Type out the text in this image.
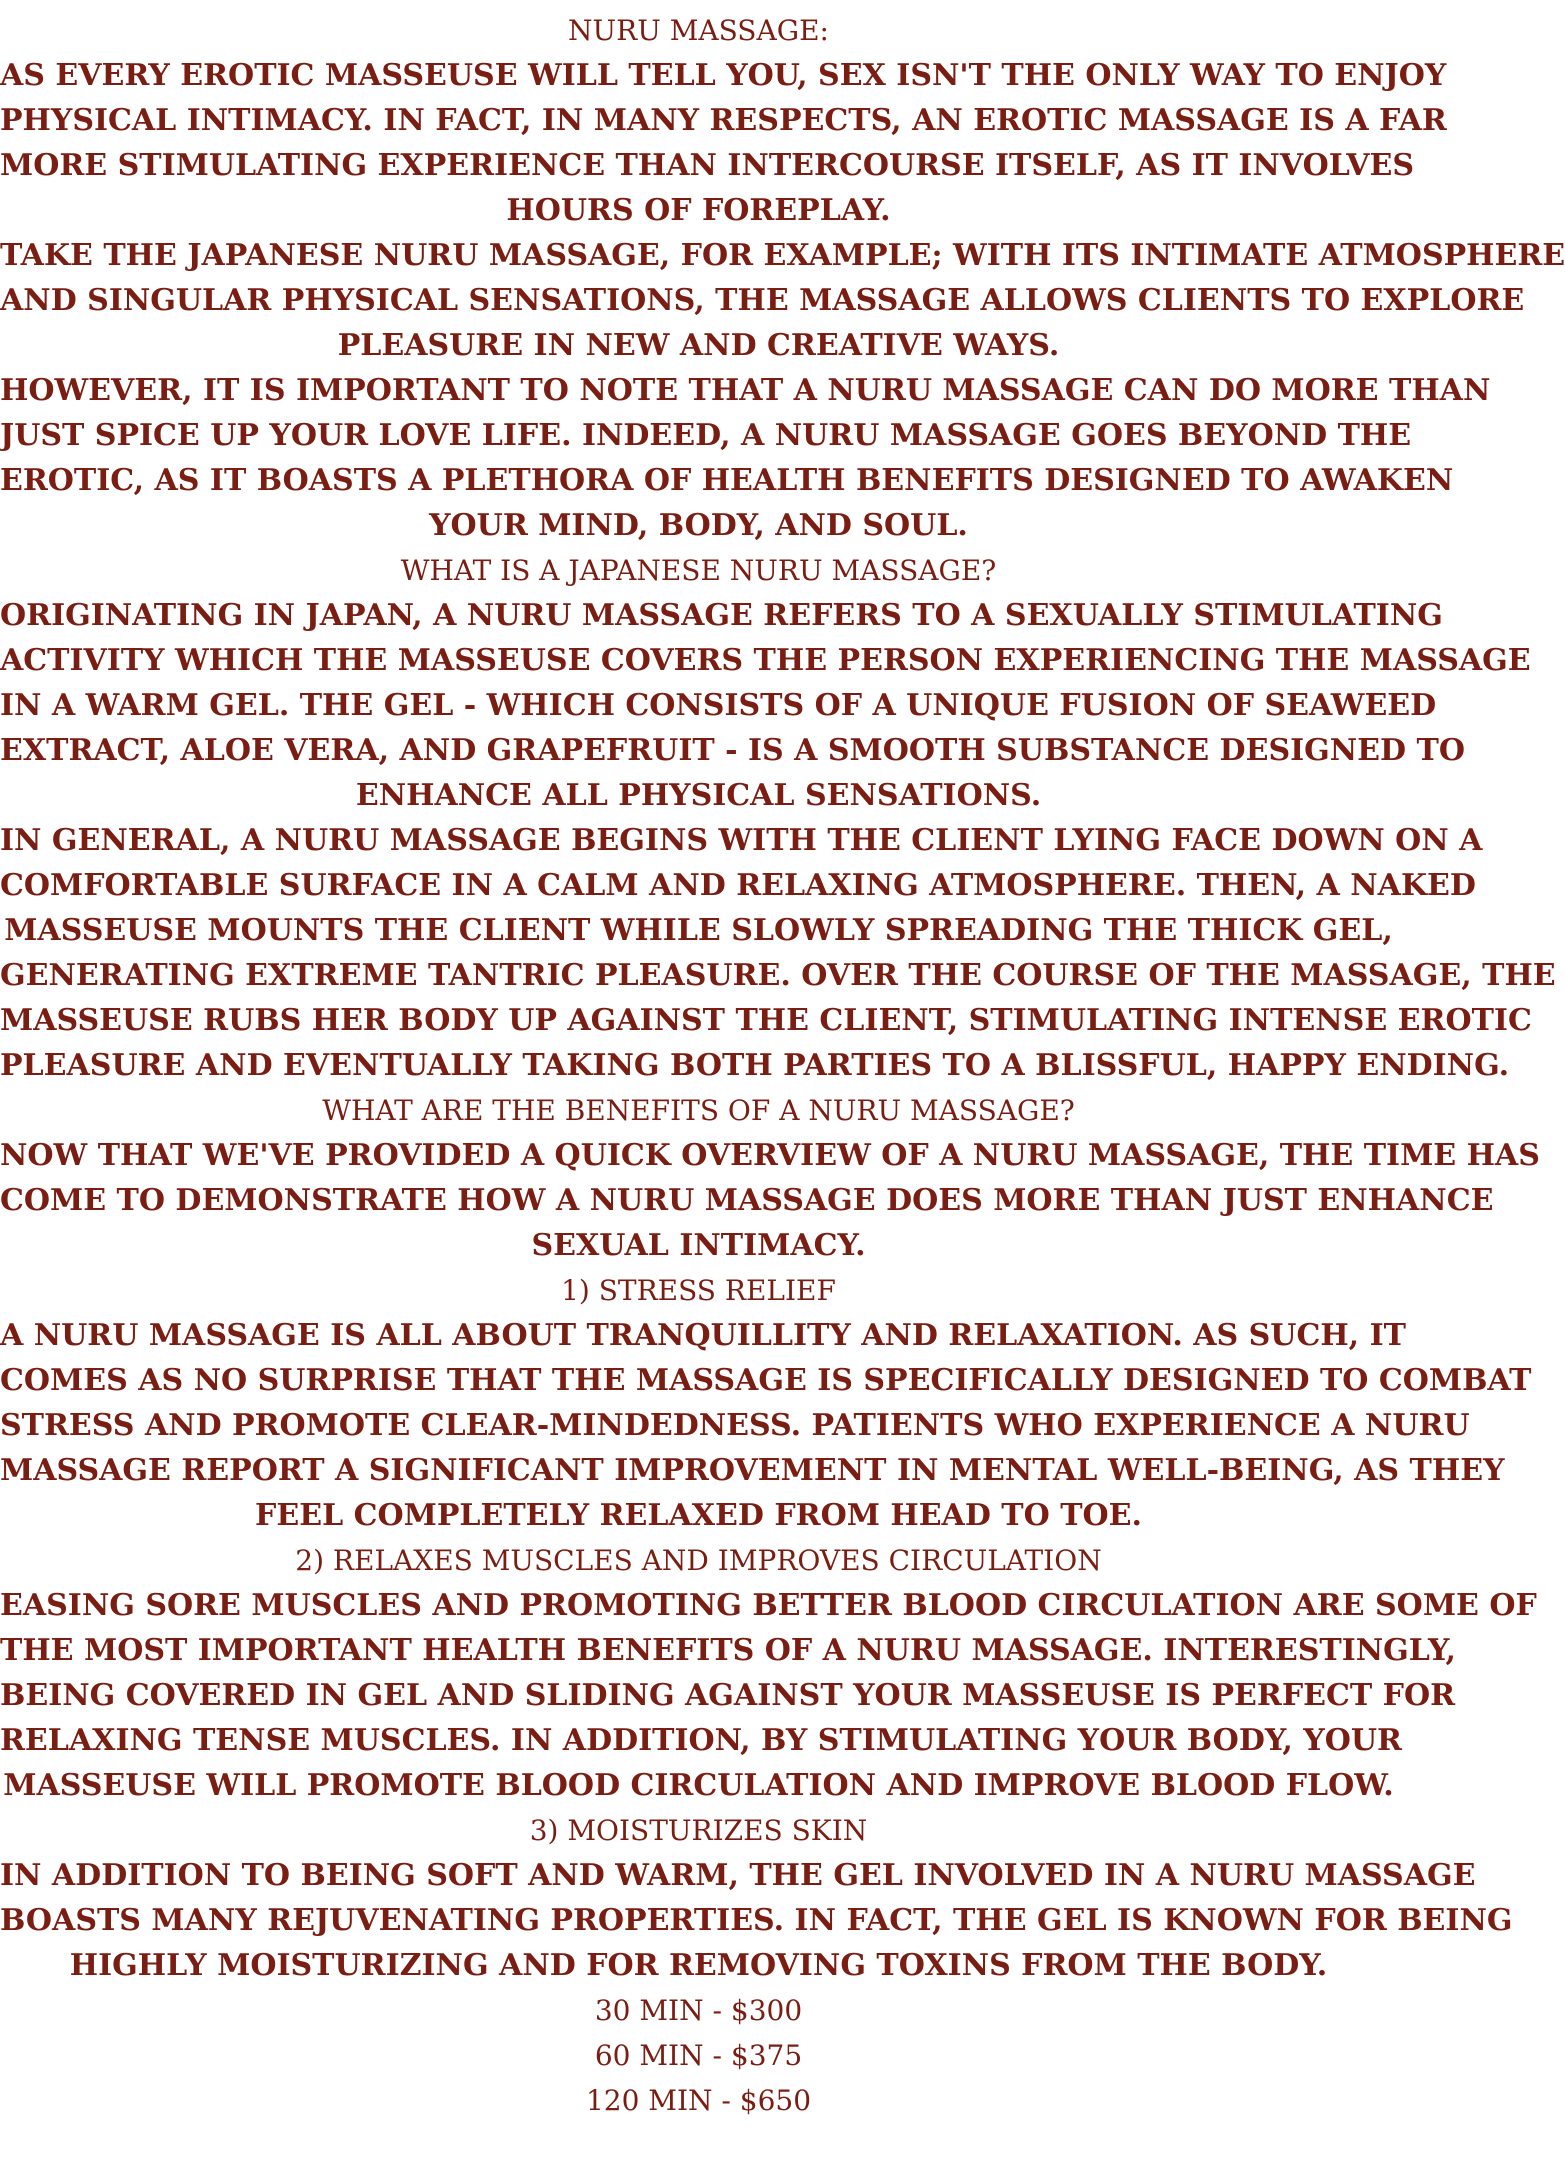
NURU MASSAGE:
AS EVERY EROTIC MASSEUSE WILL TELL YOU, SEX ISN'T THE ONLY WAY TO ENJOY
PHYSICAL INTIMACY. IN FACT, IN MANY RESPECTS, AN EROTIC MASSAGE IS A FAR
MORE STIMULATING EXPERIENCE THAN INTERCOURSE ITSELF, AS IT INVOLVES
HOURS OF FOREPLAY.
TAKE THE JAPANESE NURU MASSAGE, FOR EXAMPLE; WITH ITS INTIMATE ATMOSPHERE
AND SINGULAR PHYSICAL SENSATIONS, THE MASSAGE ALLOWS CLIENTS TO EXPLORE
PLEASURE IN NEW AND CREATIVE WAYS.
HOWEVER, IT IS IMPORTANT TO NOTE THAT A NURU MASSAGE CAN DO MORE THAN
JUST SPICE UP YOUR LOVE LIFE. INDEED, A NURU MASSAGE GOES BEYOND THE
EROTIC, AS IT BOASTS A PLETHORA OF HEALTH BENEFITS DESIGNED TO AWAKEN
YOUR MIND, BODY, AND SOUL.
WHAT IS A JAPANESE NURU MASSAGE?
ORIGINATING IN JAPAN, A NURU MASSAGE REFERS TO A SEXUALLY STIMULATING
ACTIVITY WHICH THE MASSEUSE COVERS THE PERSON EXPERIENCING THE MASSAGE
IN A WARM GEL. THE GEL - WHICH CONSISTS OF A UNIQUE FUSION OF SEAWEED
EXTRACT, ALOE VERA, AND GRAPEFRUIT - IS A SMOOTH SUBSTANCE DESIGNED TO
ENHANCE ALL PHYSICAL SENSATIONS.
IN GENERAL, A NURU MASSAGE BEGINS WITH THE CLIENT LYING FACE DOWN ON A
COMFORTABLE SURFACE IN A CALM AND RELAXING ATMOSPHERE. THEN, A NAKED
MASSEUSE MOUNTS THE CLIENT WHILE SLOWLY SPREADING THE THICK GEL,
GENERATING EXTREME TANTRIC PLEASURE. OVER THE COURSE OF THE MASSAGE, THE
MASSEUSE RUBS HER BODY UP AGAINST THE CLIENT, STIMULATING INTENSE EROTIC
PLEASURE AND EVENTUALLY TAKING BOTH PARTIES TO A BLISSFUL, HAPPY ENDING.
WHAT ARE THE BENEFITS OF A NURU MASSAGE?
NOW THAT WE'VE PROVIDED A QUICK OVERVIEW OF A NURU MASSAGE, THE TIME HAS
COME TO DEMONSTRATE HOW A NURU MASSAGE DOES MORE THAN JUST ENHANCE
SEXUAL INTIMACY.
1) STRESS RELIEF
A NURU MASSAGE IS ALL ABOUT TRANQUILLITY AND RELAXATION. AS SUCH, IT
COMES AS NO SURPRISE THAT THE MASSAGE IS SPECIFICALLY DESIGNED TO COMBAT
STRESS AND PROMOTE CLEAR-MINDEDNESS. PATIENTS WHO EXPERIENCE A NURU
MASSAGE REPORT A SIGNIFICANT IMPROVEMENT IN MENTAL WELL-BEING, AS THEY
FEEL COMPLETELY RELAXED FROM HEAD TO TOE.
2) RELAXES MUSCLES AND IMPROVES CIRCULATION
EASING SORE MUSCLES AND PROMOTING BETTER BLOOD CIRCULATION ARE SOME OF
THE MOST IMPORTANT HEALTH BENEFITS OF A NURU MASSAGE. INTERESTINGLY,
BEING COVERED IN GEL AND SLIDING AGAINST YOUR MASSEUSE IS PERFECT FOR
RELAXING TENSE MUSCLES. IN ADDITION, BY STIMULATING YOUR BODY, YOUR
MASSEUSE WILL PROMOTE BLOOD CIRCULATION AND IMPROVE BLOOD FLOW.
3) MOISTURIZES SKIN
IN ADDITION TO BEING SOFT AND WARM, THE GEL INVOLVED IN A NURU MASSAGE
BOASTS MANY REJUVENATING PROPERTIES. IN FACT, THE GEL IS KNOWN FOR BEING
HIGHLY MOISTURIZING AND FOR REMOVING TOXINS FROM THE BODY.
30 MIN - $300
60 MIN - $375
120 MIN - $650
